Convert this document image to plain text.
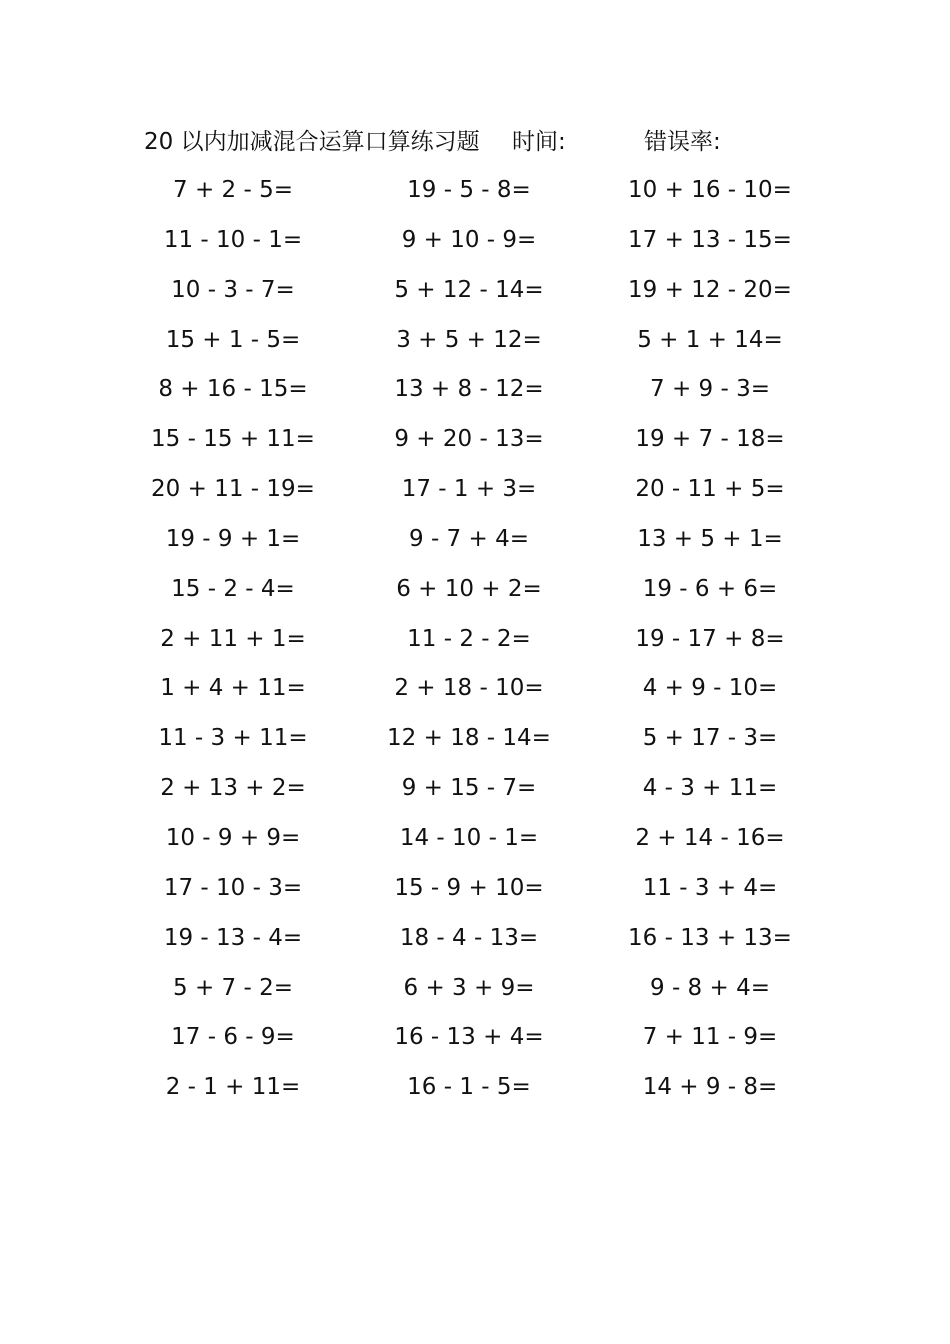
20 以内加减混合运算口算练习题 时间:	错误率:
7 + 2 - 5=	19 - 5 - 8=	10 + 16 - 10=
11 - 10 - 1=	9 + 10 - 9=	17 + 13 - 15=
10 - 3 - 7=	5 + 12 - 14=	19 + 12 - 20=
15 + 1 - 5=	3 + 5 + 12=	5 + 1 + 14=
8 + 16 - 15=	13 + 8 - 12=	7 + 9 - 3=
15 - 15 + 11=	9 + 20 - 13=	19 + 7 - 18=
20 + 11 - 19=	17 - 1 + 3=	20 - 11 + 5=
19 - 9 + 1=	9 - 7 + 4=	13 + 5 + 1=
15 - 2 - 4=	6 + 10 + 2=	19 - 6 + 6=
2 + 11 + 1=	11 - 2 - 2=	19 - 17 + 8=
1 + 4 + 11=	2 + 18 - 10=	4 + 9 - 10=
11 - 3 + 11=	12 + 18 - 14=	5 + 17 - 3=
2 + 13 + 2=	9 + 15 - 7=	4 - 3 + 11=
10 - 9 + 9=	14 - 10 - 1=	2 + 14 - 16=
17 - 10 - 3=	15 - 9 + 10=	11 - 3 + 4=
19 - 13 - 4=	18 - 4 - 13=	16 - 13 + 13=
5 + 7 - 2=	6 + 3 + 9=	9 - 8 + 4=
17 - 6 - 9=	16 - 13 + 4=	7 + 11 - 9=
2 - 1 + 11=	16 - 1 - 5=	14 + 9 - 8=
